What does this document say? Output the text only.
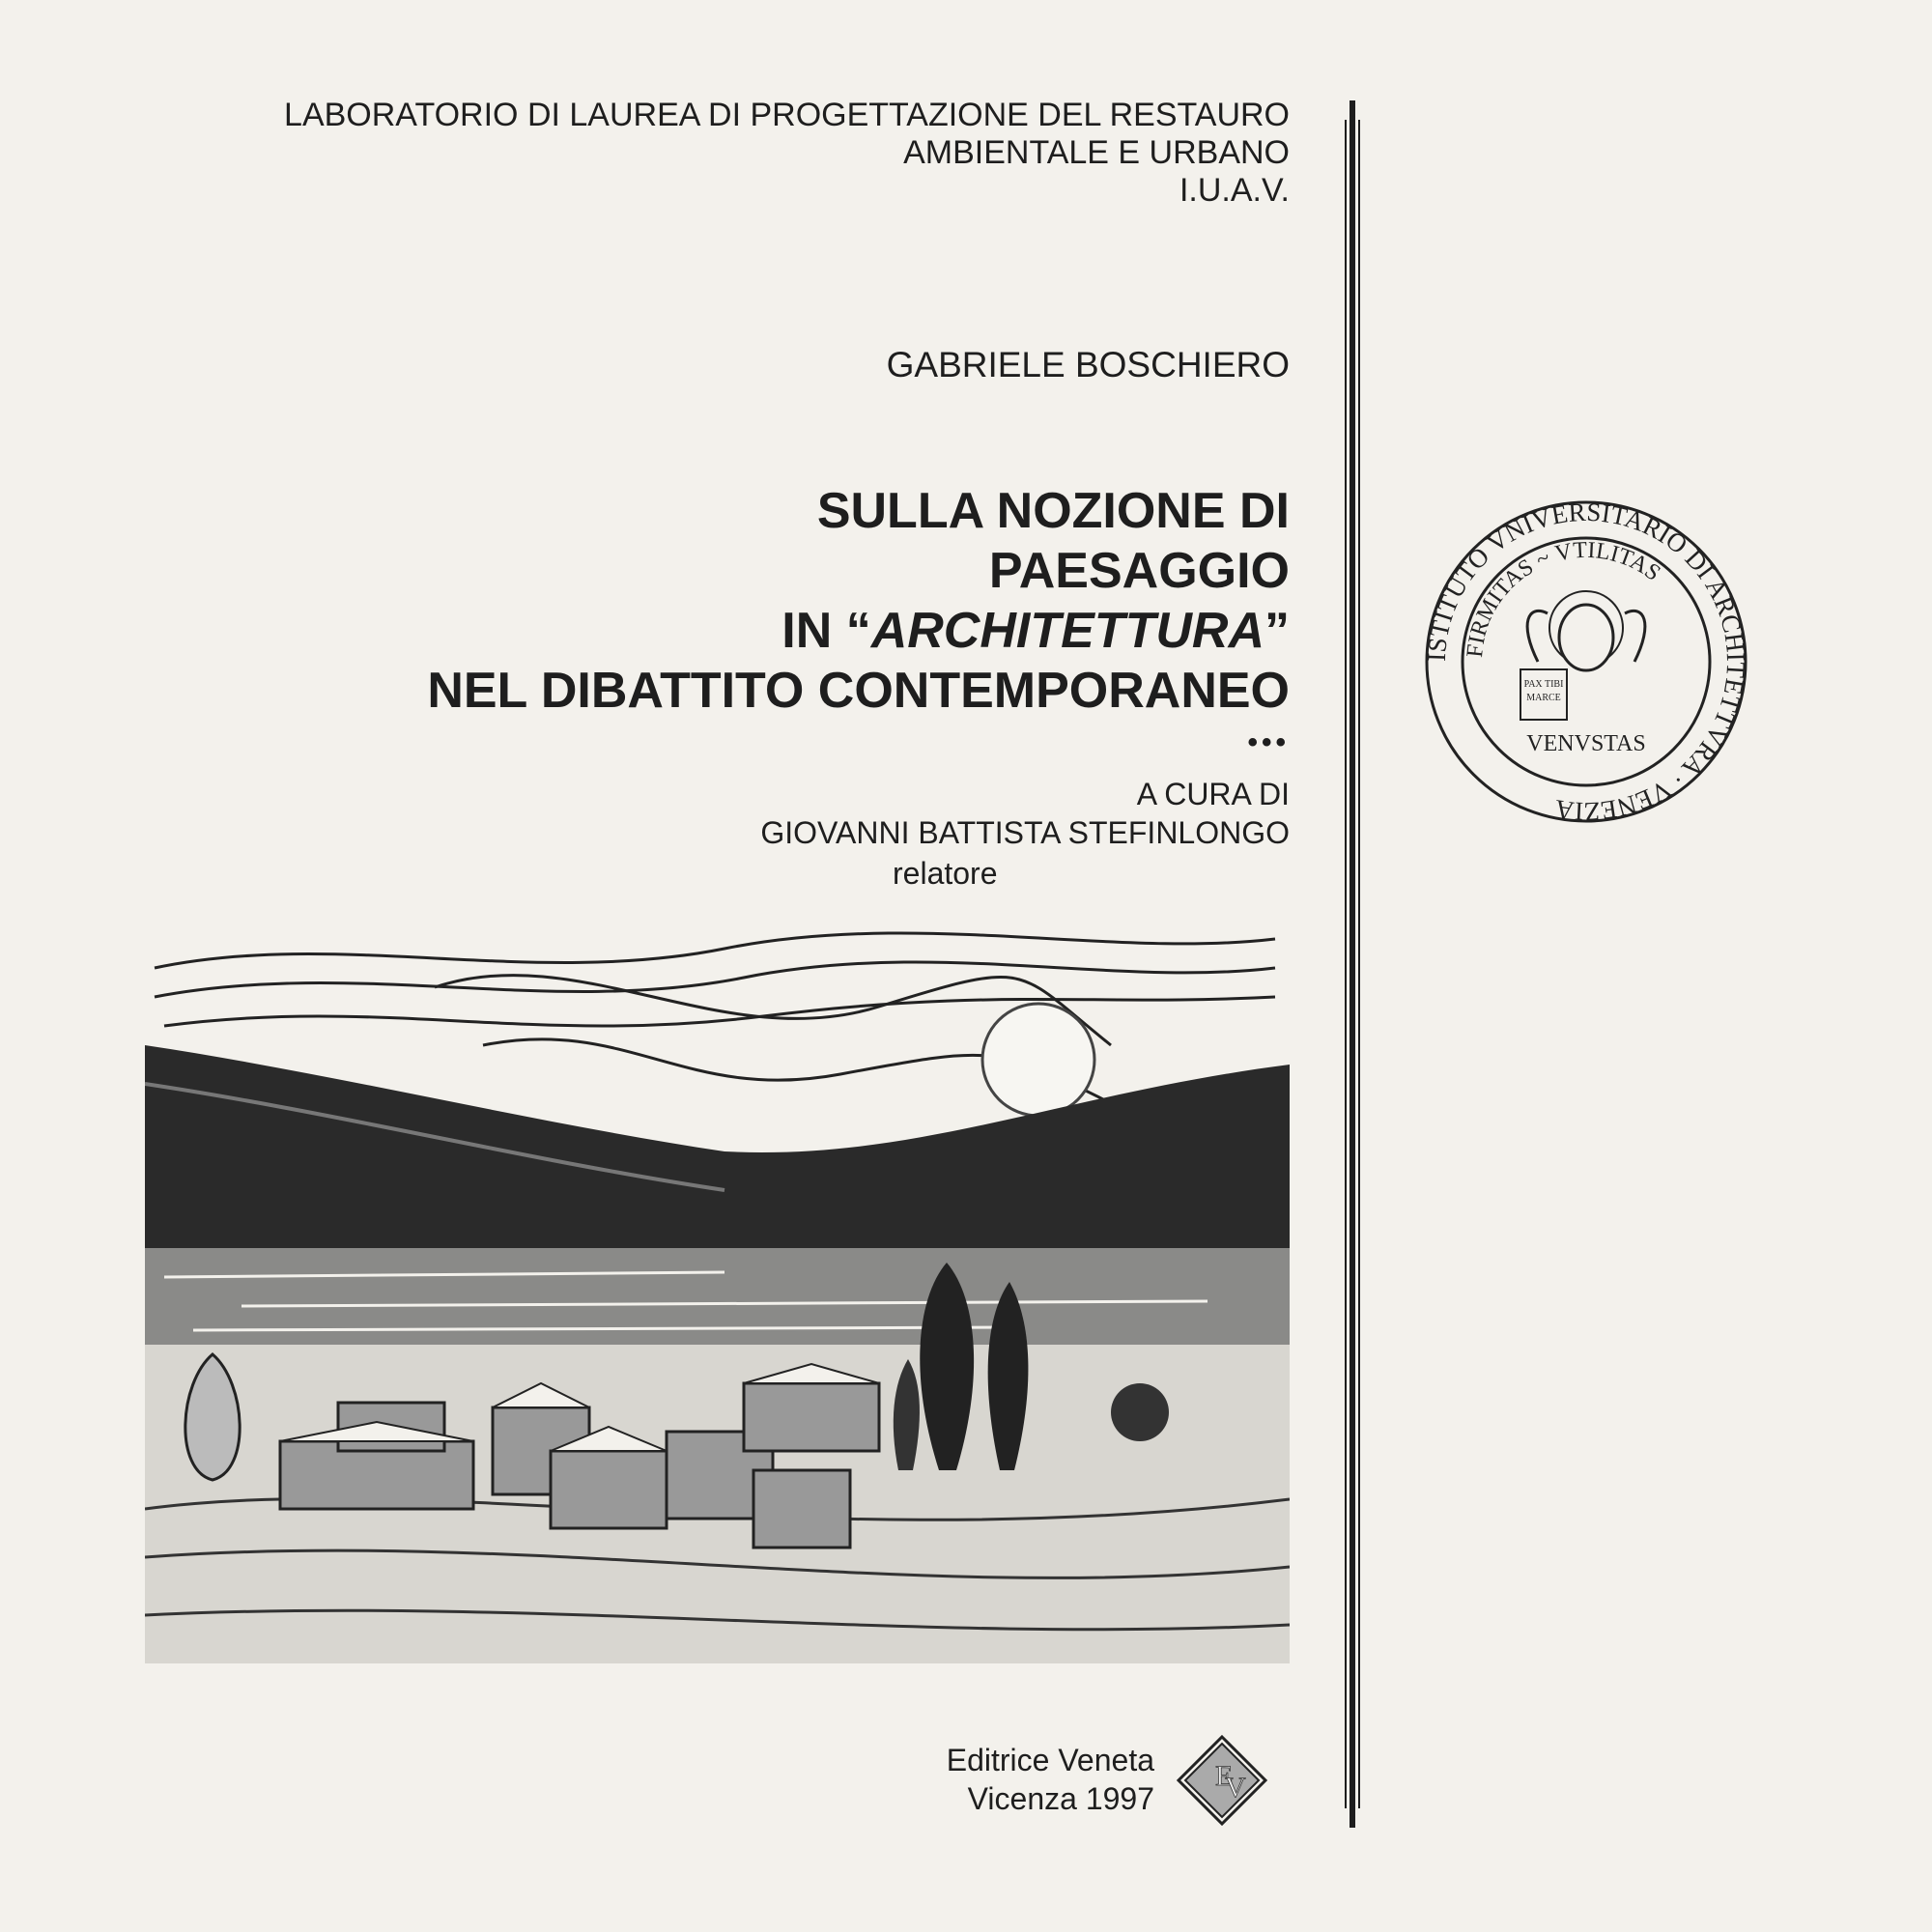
LABORATORIO DI LAUREA DI PROGETTAZIONE DEL RESTAURO
AMBIENTALE E URBANO
I.U.A.V.
GABRIELE BOSCHIERO
SULLA NOZIONE DI
PAESAGGIO
IN “ARCHITETTURA”
NEL DIBATTITO CONTEMPORANEO
•••
A CURA DI
GIOVANNI BATTISTA STEFINLONGO
relatore
ISTITUTO VNIVERSITARIO DI ARCHITETTVRA · VENEZIA
FIRMITAS ~ VTILITAS
VENVSTAS
PAX TIBI
MARCE
Editrice Veneta
Vicenza 1997
E
V
